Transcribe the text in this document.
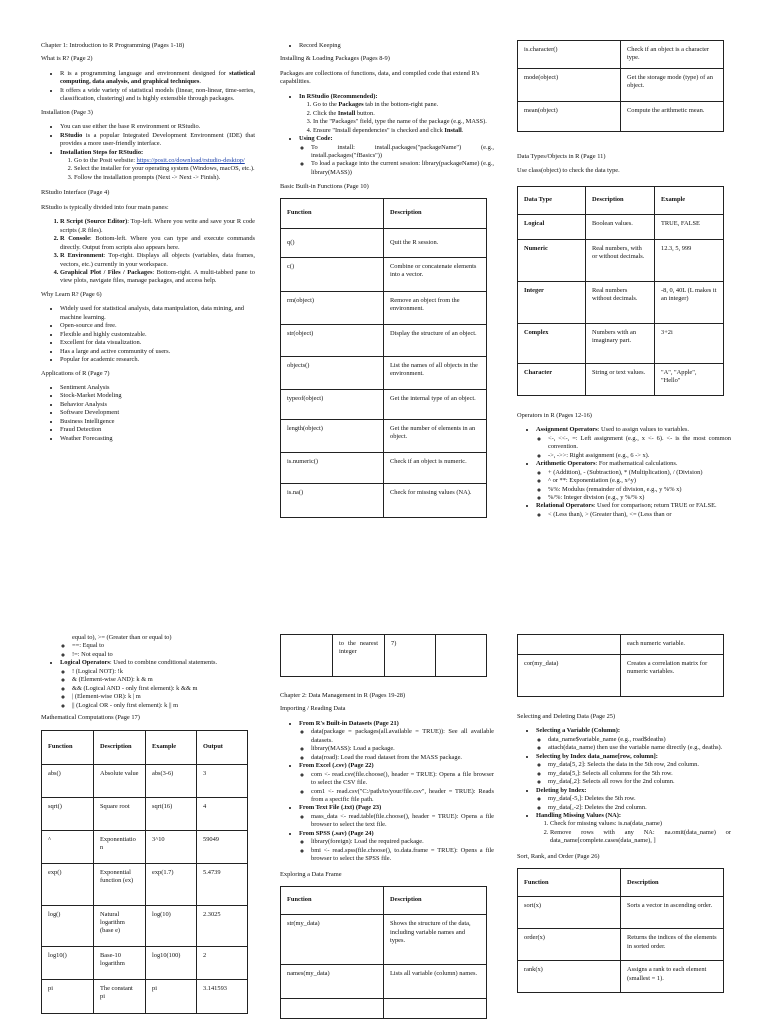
Chapter 1: Introduction to R Programming (Pages 1-18)

What is R? (Page 2)

• R is a programming language and environment designed for statistical computing, data analysis, and graphical techniques.
• It offers a wide variety of statistical models (linear, non-linear, time-series, classification, clustering) and is highly extensible through packages.

Installation (Page 3)

• You can use either the base R environment or RStudio.
• RStudio is a popular Integrated Development Environment (IDE) that provides a more user-friendly interface.
• Installation Steps for RStudio:
1. Go to the Posit website: https://posit.co/download/rstudio-desktop/
2. Select the installer for your operating system (Windows, macOS, etc.).
3. Follow the installation prompts (Next -> Next -> Finish).

RStudio Interface (Page 4)

RStudio is typically divided into four main panes:

1. R Script (Source Editor): Top-left. Where you write and save your R code scripts (.R files).
2. R Console: Bottom-left. Where you can type and execute commands directly. Output from scripts also appears here.
3. R Environment: Top-right. Displays all objects (variables, data frames, vectors, etc.) currently in your workspace.
4. Graphical Plot / Files / Packages: Bottom-right. A multi-tabbed pane to view plots, navigate files, manage packages, and access help.

Why Learn R? (Page 6)

• Widely used for statistical analysis, data manipulation, data mining, and machine learning.
• Open-source and free.
• Flexible and highly customizable.
• Excellent for data visualization.
• Has a large and active community of users.
• Popular for academic research.

Applications of R (Page 7)

• Sentiment Analysis
• Stock-Market Modeling
• Behavior Analysis
• Software Development
• Business Intelligence
• Fraud Detection
• Weather Forecasting
• Record Keeping

Installing & Loading Packages (Pages 8-9)

Packages are collections of functions, data, and compiled code that extend R's capabilities.

• In RStudio (Recommended):
1. Go to the Packages tab in the bottom-right pane.
2. Click the Install button.
3. In the "Packages" field, type the name of the package (e.g., MASS).
4. Ensure "Install dependencies" is checked and click Install.
• Using Code:
◦ To install: install.packages("packageName") (e.g., install.packages("fBasics"))
◦ To load a package into the current session: library(packageName) (e.g., library(MASS))

Basic Built-in Functions (Page 10)

Function	Description
q()	Quit the R session.
c()	Combine or concatenate elements into a vector.
rm(object)	Remove an object from the environment.
str(object)	Display the structure of an object.
objects()	List the names of all objects in the environment.
typeof(object)	Get the internal type of an object.
length(object)	Get the number of elements in an object.
is.numeric()	Check if an object is numeric.
is.na()	Check for missing values (NA).
is.character()	Check if an object is a character type.
mode(object)	Get the storage mode (type) of an object.
mean(object)	Compute the arithmetic mean.

Data Types/Objects in R (Page 11)

Use class(object) to check the data type.

Data Type	Description	Example
Logical	Boolean values.	TRUE, FALSE
Numeric	Real numbers, with or without decimals.	12.3, 5, 999
Integer	Real numbers without decimals.	-8, 0, 40L (L makes it an integer)
Complex	Numbers with an imaginary part.	3+2i
Character	String or text values.	"A", "Apple", "Hello"

Operators in R (Pages 12-16)

• Assignment Operators: Used to assign values to variables.
◦ <-, <<-, =: Left assignment (e.g., x <- 6). <- is the most common convention.
◦ ->, ->>: Right assignment (e.g., 6 -> x).
• Arithmetic Operators: For mathematical calculations.
◦ + (Addition), - (Subtraction), * (Multiplication), / (Division)
◦ ^ or **: Exponentiation (e.g., x^y)
◦ %%: Modulus (remainder of division, e.g., y %% x)
◦ %/%: Integer division (e.g., y %/% x)
• Relational Operators: Used for comparison; return TRUE or FALSE.
◦ < (Less than), > (Greater than), <= (Less than or
equal to), >= (Greater than or equal to)
◦ ==: Equal to
◦ !=: Not equal to
• Logical Operators: Used to combine conditional statements.
◦ ! (Logical NOT): !k
◦ & (Element-wise AND): k & m
◦ && (Logical AND - only first element): k && m
◦ | (Element-wise OR): k | m
◦ || (Logical OR - only first element): k || m

Mathematical Computations (Page 17)

Function	Description	Example	Output
abs()	Absolute value	abs(3-6)	3
sqrt()	Square root	sqrt(16)	4
^	Exponentiation	3^10	59049
exp()	Exponential function (ex)	exp(1.7)	5.4739
log()	Natural logarithm (base e)	log(10)	2.3025
log10()	Base-10 logarithm	log10(100)	2
pi	The constant pi	pi	3.141593
	to the nearest integer	7)	

Chapter 2: Data Management in R (Pages 19-28)

Importing / Reading Data

• From R's Built-in Datasets (Page 21)
◦ data(package = packages(all.available = TRUE)): See all available datasets.
◦ library(MASS): Load a package.
◦ data(road): Load the road dataset from the MASS package.
• From Excel (.csv) (Page 22)
◦ com <- read.csv(file.choose(), header = TRUE): Opens a file browser to select the CSV file.
◦ com1 <- read.csv("C:/path/to/your/file.csv", header = TRUE): Reads from a specific file path.
• From Text File (.txt) (Page 23)
◦ mass_data <- read.table(file.choose(), header = TRUE): Opens a file browser to select the text file.
• From SPSS (.sav) (Page 24)
◦ library(foreign): Load the required package.
◦ bmi <- read.spss(file.choose(), to.data.frame = TRUE): Opens a file browser to select the SPSS file.

Exploring a Data Frame

Function	Description
str(my_data)	Shows the structure of the data, including variable names and types.
names(my_data)	Lists all variable (column) names.

	each numeric variable.
cor(my_data)	Creates a correlation matrix for numeric variables.

Selecting and Deleting Data (Page 25)

• Selecting a Variable (Column):
◦ data_name$variable_name (e.g., road$deaths)
◦ attach(data_name) then use the variable name directly (e.g., deaths).
• Selecting by Index data_name[row, column]:
◦ my_data[5, 2]: Selects the data in the 5th row, 2nd column.
◦ my_data[5,]: Selects all columns for the 5th row.
◦ my_data[,2]: Selects all rows for the 2nd column.
• Deleting by Index:
◦ my_data[-5,]: Deletes the 5th row.
◦ my_data[,-2]: Deletes the 2nd column.
• Handling Missing Values (NA):
1. Check for missing values: is.na(data_name)
2. Remove rows with any NA: na.omit(data_name) or data_name[complete.cases(data_name), ]

Sort, Rank, and Order (Page 26)

Function	Description
sort(x)	Sorts a vector in ascending order.
order(x)	Returns the indices of the elements in sorted order.
rank(x)	Assigns a rank to each element (smallest = 1).
